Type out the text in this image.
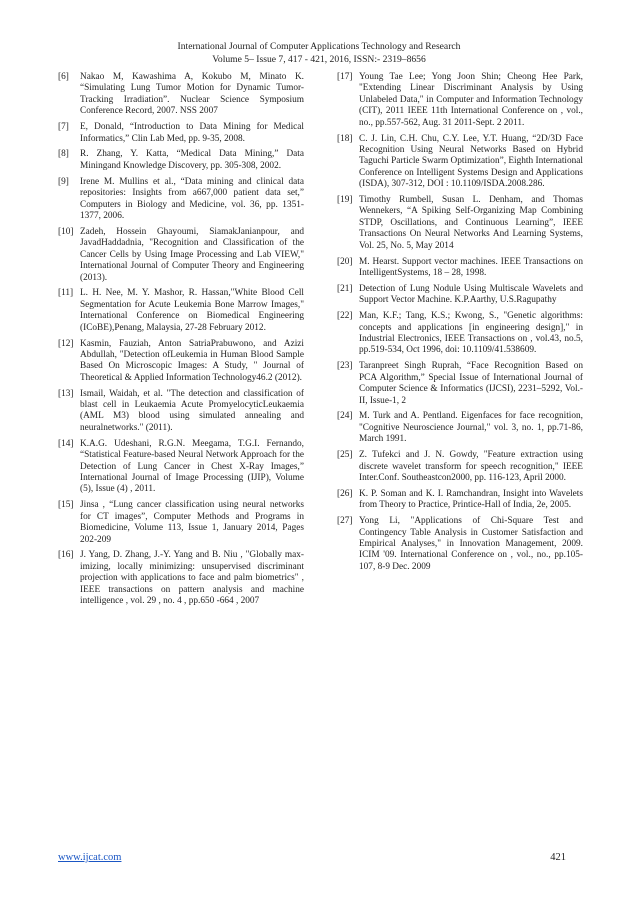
International Journal of Computer Applications Technology and Research
Volume 5– Issue 7, 417 - 421, 2016, ISSN:- 2319–8656
[6]	Nakao M, Kawashima A, Kokubo M, Minato K. “Simulating Lung Tumor Motion for Dynamic Tumor-Tracking Irradiation”. Nuclear Science Symposium Conference Record, 2007. NSS 2007
[7]	E, Donald, “Introduction to Data Mining for Medical Informatics,” Clin Lab Med, pp. 9-35, 2008.
[8]	R. Zhang, Y. Katta, “Medical Data Mining,” Data Miningand Knowledge Discovery, pp. 305-308, 2002.
[9]	Irene M. Mullins et al., “Data mining and clinical data repositories: Insights from a667,000 patient data set,” Computers in Biology and Medicine, vol. 36, pp. 1351-1377, 2006.
[10] Zadeh, Hossein Ghayoumi, SiamakJanianpour, and JavadHaddadnia, "Recognition and Classification of the Cancer Cells by Using Image Processing and Lab VIEW," International Journal of Computer Theory and Engineering (2013).
[11] L. H. Nee, M. Y. Mashor, R. Hassan,"White Blood Cell Segmentation for Acute Leukemia Bone Marrow Images," International Conference on Biomedical Engineering (ICoBE),Penang, Malaysia, 27-28 February 2012.
[12] Kasmin, Fauziah, Anton SatriaPrabuwono, and Azizi Abdullah, "Detection ofLeukemia in Human Blood Sample Based On Microscopic Images: A Study, " Journal of Theoretical & Applied Information Technology46.2 (2012).
[13] Ismail, Waidah, et al. "The detection and classification of blast cell in Leukaemia Acute PromyelocyticLeukaemia (AML M3) blood using simulated annealing and neuralnetworks." (2011).
[14] K.A.G. Udeshani, R.G.N. Meegama, T.G.I. Fernando, “Statistical Feature-based Neural Network Approach for the Detection of Lung Cancer in Chest X-Ray Images,” International Journal of Image Processing (IJIP), Volume (5), Issue (4) , 2011.
[15] Jinsa , “Lung cancer classification using neural networks for CT images”, Computer Methods and Programs in Biomedicine, Volume 113, Issue 1, January 2014, Pages 202-209
[16] J. Yang, D. Zhang, J.-Y. Yang and B. Niu , "Globally max-imizing, locally minimizing: unsupervised discriminant projection with applications to face and palm biometrics" , IEEE transactions on pattern analysis and machine intelligence , vol. 29 , no. 4 , pp.650 -664 , 2007
[17] Young Tae Lee; Yong Joon Shin; Cheong Hee Park, "Extending Linear Discriminant Analysis by Using Unlabeled Data," in Computer and Information Technology (CIT), 2011 IEEE 11th International Conference on , vol., no., pp.557-562, Aug. 31 2011-Sept. 2 2011.
[18] C. J. Lin, C.H. Chu, C.Y. Lee, Y.T. Huang, “2D/3D Face Recognition Using Neural Networks Based on Hybrid Taguchi Particle Swarm Optimization”, Eighth International Conference on Intelligent Systems Design and Applications (ISDA), 307-312, DOI : 10.1109/ISDA.2008.286.
[19] Timothy Rumbell, Susan L. Denham, and Thomas Wennekers, “A Spiking Self-Organizing Map Combining STDP, Oscillations, and Continuous Learning”, IEEE Transactions On Neural Networks And Learning Systems, Vol. 25, No. 5, May 2014
[20] M. Hearst. Support vector machines. IEEE Transactions on IntelligentSystems, 18 – 28, 1998.
[21] Detection of Lung Nodule Using Multiscale Wavelets and Support Vector Machine. K.P.Aarthy, U.S.Ragupathy
[22] Man, K.F.; Tang, K.S.; Kwong, S., "Genetic algorithms: concepts and applications [in engineering design]," in Industrial Electronics, IEEE Transactions on , vol.43, no.5, pp.519-534, Oct 1996, doi: 10.1109/41.538609.
[23] Taranpreet Singh Ruprah, “Face Recognition Based on PCA Algorithm,” Special Issue of International Journal of Computer Science & Informatics (IJCSI), 2231–5292, Vol.- II, Issue-1, 2
[24] M. Turk and A. Pentland. Eigenfaces for face recognition, "Cognitive Neuroscience Journal," vol. 3, no. 1, pp.71-86, March 1991.
[25] Z. Tufekci and J. N. Gowdy, "Feature extraction using discrete wavelet transform for speech recognition," IEEE Inter.Conf. Southeastcon2000, pp. 116-123, April 2000.
[26] K. P. Soman and K. I. Ramchandran, Insight into Wavelets from Theory to Practice, Printice-Hall of India, 2e, 2005.
[27] Yong Li, "Applications of Chi-Square Test and Contingency Table Analysis in Customer Satisfaction and Empirical Analyses," in Innovation Management, 2009. ICIM '09. International Conference on , vol., no., pp.105-107, 8-9 Dec. 2009
www.ijcat.com	421
